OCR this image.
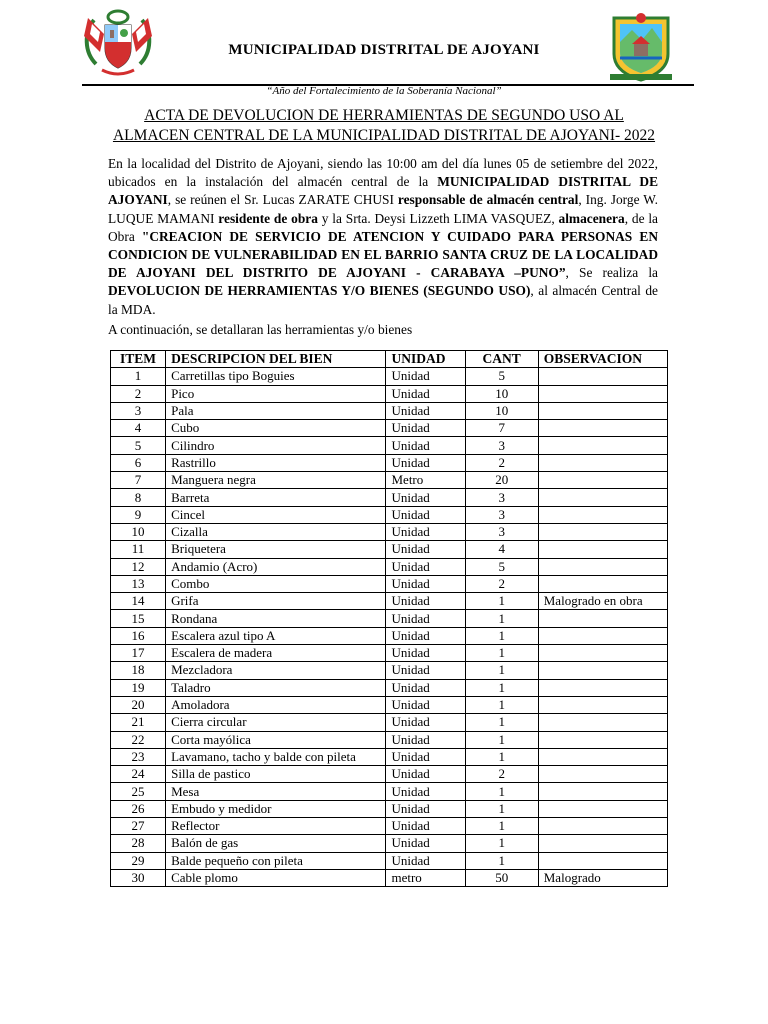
MUNICIPALIDAD DISTRITAL DE AJOYANI
“Año del Fortalecimiento de la Soberanía Nacional”
ACTA DE DEVOLUCION DE HERRAMIENTAS DE SEGUNDO USO AL
ALMACEN CENTRAL DE LA MUNICIPALIDAD DISTRITAL DE AJOYANI- 2022
En la localidad del Distrito de Ajoyani, siendo las 10:00 am del día lunes 05 de setiembre del 2022, ubicados en la instalación del almacén central de la MUNICIPALIDAD DISTRITAL DE AJOYANI, se reúnen el Sr. Lucas ZARATE CHUSI responsable de almacén central, Ing. Jorge W. LUQUE MAMANI residente de obra y la Srta. Deysi Lizzeth LIMA VASQUEZ, almacenera, de la Obra "CREACION DE SERVICIO DE ATENCION Y CUIDADO PARA PERSONAS EN CONDICION DE VULNERABILIDAD EN EL BARRIO SANTA CRUZ DE LA LOCALIDAD DE AJOYANI DEL DISTRITO DE AJOYANI - CARABAYA –PUNO”, Se realiza la DEVOLUCION DE HERRAMIENTAS Y/O BIENES (SEGUNDO USO), al almacén Central de la MDA.
A continuación, se detallaran las herramientas y/o bienes
ITEM	DESCRIPCION DEL BIEN	UNIDAD	CANT	OBSERVACION
1	Carretillas tipo Boguies	Unidad	5	
2	Pico	Unidad	10	
3	Pala	Unidad	10	
4	Cubo	Unidad	7	
5	Cilindro	Unidad	3	
6	Rastrillo	Unidad	2	
7	Manguera negra	Metro	20	
8	Barreta	Unidad	3	
9	Cincel	Unidad	3	
10	Cizalla	Unidad	3	
11	Briquetera	Unidad	4	
12	Andamio (Acro)	Unidad	5	
13	Combo	Unidad	2	
14	Grifa	Unidad	1	Malogrado en obra
15	Rondana	Unidad	1	
16	Escalera azul tipo A	Unidad	1	
17	Escalera de madera	Unidad	1	
18	Mezcladora	Unidad	1	
19	Taladro	Unidad	1	
20	Amoladora	Unidad	1	
21	Cierra circular	Unidad	1	
22	Corta mayólica	Unidad	1	
23	Lavamano, tacho y balde con pileta	Unidad	1	
24	Silla de pastico	Unidad	2	
25	Mesa	Unidad	1	
26	Embudo y medidor	Unidad	1	
27	Reflector	Unidad	1	
28	Balón de gas	Unidad	1	
29	Balde pequeño con pileta	Unidad	1	
30	Cable plomo	metro	50	Malogrado
